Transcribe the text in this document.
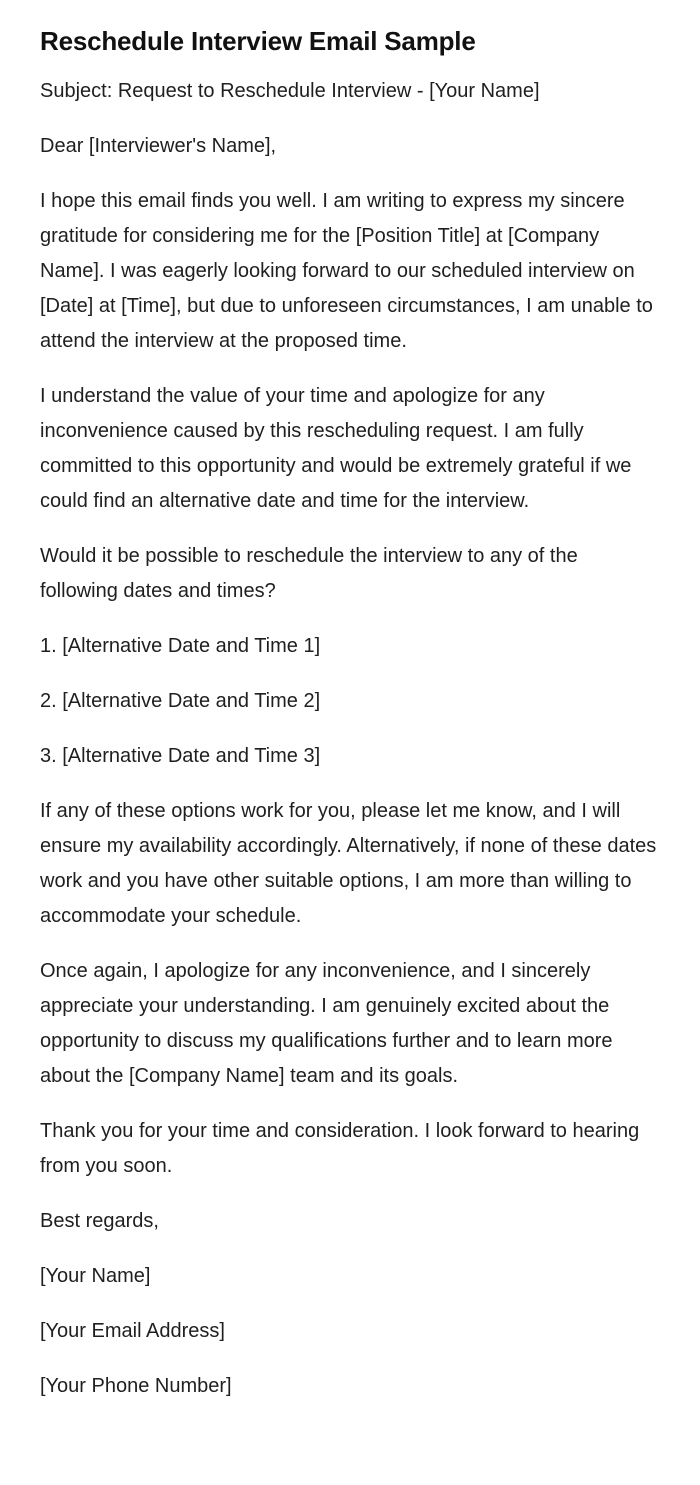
Reschedule Interview Email Sample

Subject: Request to Reschedule Interview - [Your Name]

Dear [Interviewer's Name],

I hope this email finds you well. I am writing to express my sincere gratitude for considering me for the [Position Title] at [Company Name]. I was eagerly looking forward to our scheduled interview on [Date] at [Time], but due to unforeseen circumstances, I am unable to attend the interview at the proposed time.

I understand the value of your time and apologize for any inconvenience caused by this rescheduling request. I am fully committed to this opportunity and would be extremely grateful if we could find an alternative date and time for the interview.

Would it be possible to reschedule the interview to any of the following dates and times?

1. [Alternative Date and Time 1]

2. [Alternative Date and Time 2]

3. [Alternative Date and Time 3]

If any of these options work for you, please let me know, and I will ensure my availability accordingly. Alternatively, if none of these dates work and you have other suitable options, I am more than willing to accommodate your schedule.

Once again, I apologize for any inconvenience, and I sincerely appreciate your understanding. I am genuinely excited about the opportunity to discuss my qualifications further and to learn more about the [Company Name] team and its goals.

Thank you for your time and consideration. I look forward to hearing from you soon.

Best regards,

[Your Name]

[Your Email Address]

[Your Phone Number]
